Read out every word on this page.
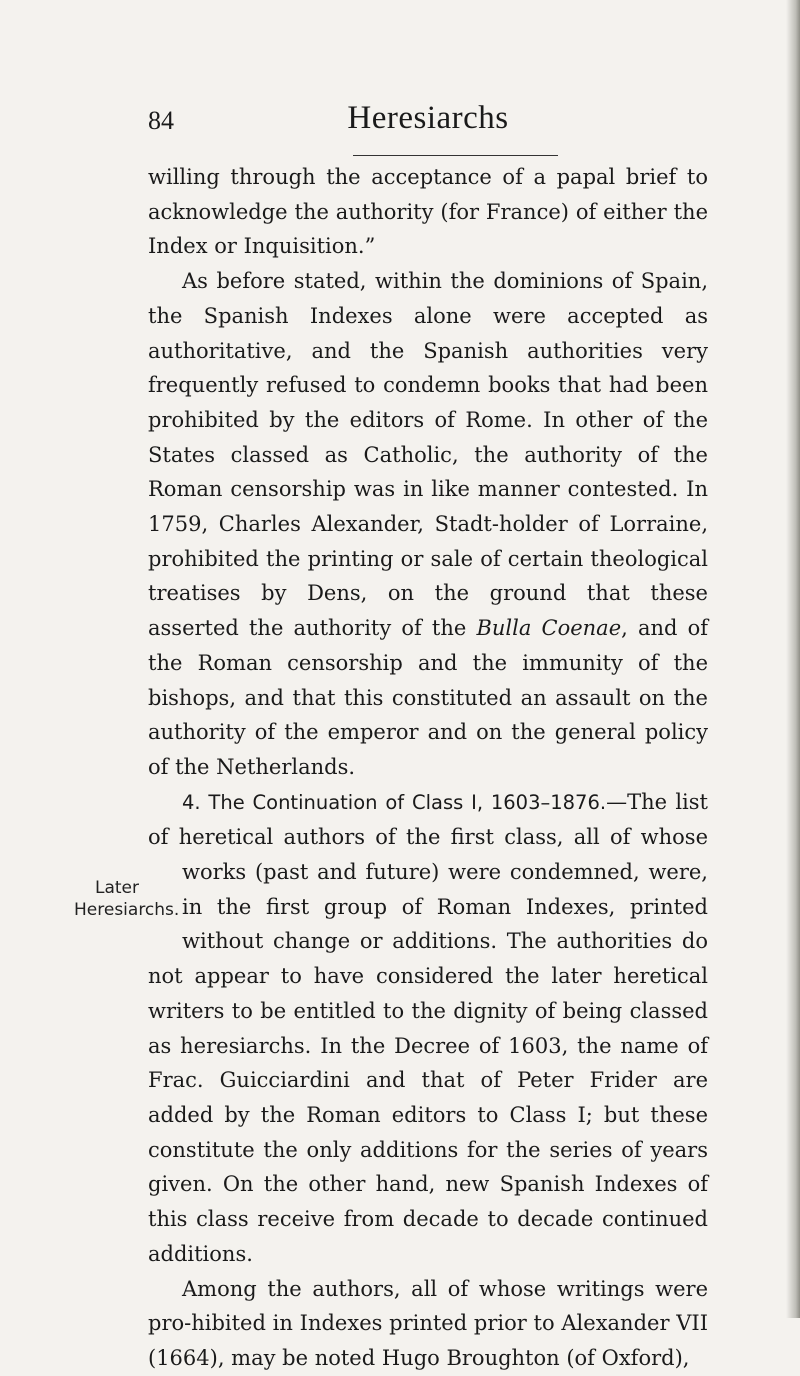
84	Heresiarchs

willing through the acceptance of a papal brief to acknowledge the authority (for France) of either the Index or Inquisition.”

As before stated, within the dominions of Spain, the Spanish Indexes alone were accepted as authoritative, and the Spanish authorities very frequently refused to condemn books that had been prohibited by the editors of Rome. In other of the States classed as Catholic, the authority of the Roman censorship was in like manner contested. In 1759, Charles Alexander, Stadt-holder of Lorraine, prohibited the printing or sale of certain theological treatises by Dens, on the ground that these asserted the authority of the Bulla Coenae, and of the Roman censorship and the immunity of the bishops, and that this constituted an assault on the authority of the emperor and on the general policy of the Netherlands.

4. The Continuation of Class I, 1603–1876.—The list of heretical authors of the first class, all of whose works
Later
Heresiarchs.
(past and future) were condemned, were, in the first group of Roman Indexes, printed without change or additions. The authorities do not appear to have considered the later heretical writers to be entitled to the dignity of being classed as heresiarchs. In the Decree of 1603, the name of Frac. Guicciardini and that of Peter Frider are added by the Roman editors to Class I; but these constitute the only additions for the series of years given. On the other hand, new Spanish Indexes of this class receive from decade to decade continued additions.

Among the authors, all of whose writings were pro-hibited in Indexes printed prior to Alexander VII (1664), may be noted Hugo Broughton (of Oxford),
